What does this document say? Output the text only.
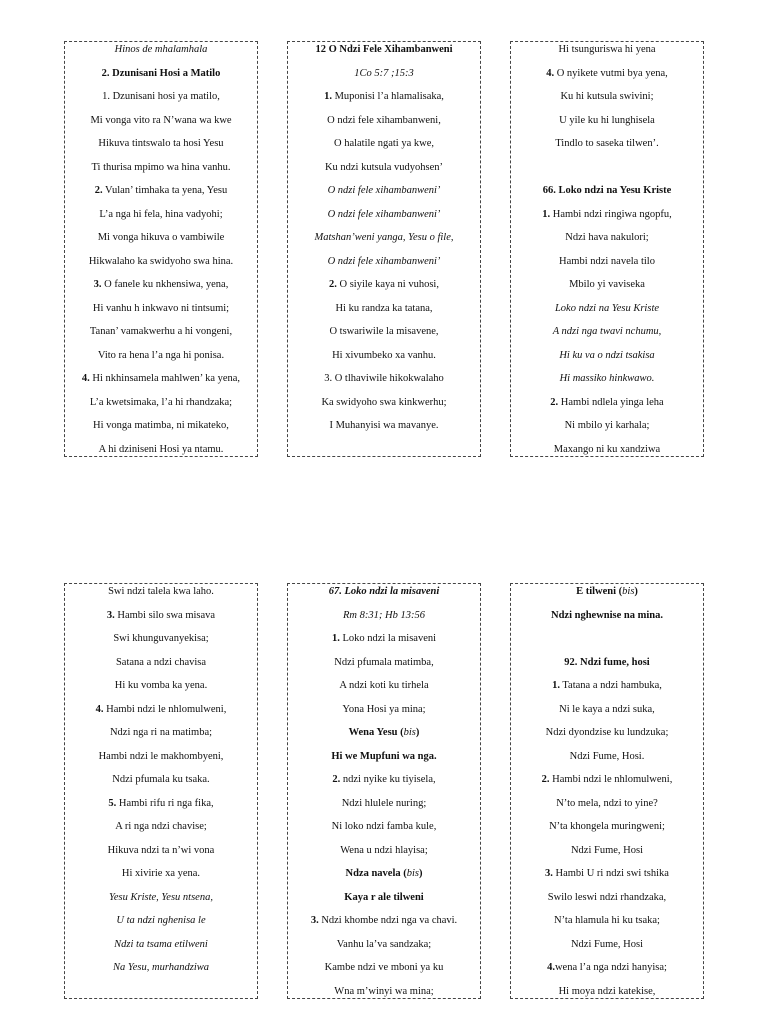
Hinos de mhalamhala
2. Dzunisani Hosi a Matilo
1. Dzunisani hosi ya matilo,
Mi vonga vito ra N’wana wa kwe
Hikuva tintswalo ta hosi Yesu
Ti thurisa mpimo wa hina vanhu.
2. Vulan’ timhaka ta yena, Yesu
L’a nga hi fela, hina vadyohi;
Mi vonga hikuva o vambiwile
Hikwalaho ka swidyoho swa hina.
3. O fanele ku nkhensiwa, yena,
Hi vanhu h inkwavo ni tintsumi;
Tanan’ vamakwerhu a hi vongeni,
Vito ra hena l’a nga hi ponisa.
4. Hi nkhinsamela mahlwen’ ka yena,
L’a kwetsimaka, l’a hi rhandzaka;
Hi vonga matimba, ni mikateko,
A hi dziniseni Hosi ya ntamu.
12 O Ndzi Fele Xihambanweni
1Co 5:7 ;15:3
1. Muponisi l’a hlamalisaka,
O ndzi fele xihambanweni,
O halatile ngati ya kwe,
Ku ndzi kutsula vudyohsen’
O ndzi fele xihambanweni’
O ndzi fele xihambanweni’
Matshan’weni yanga, Yesu o file,
O ndzi fele xihambanweni’
2. O siyile kaya ni vuhosi,
Hi ku randza ka tatana,
O tswariwile la misavene,
Hi xivumbeko xa vanhu.
3. O tlhaviwile hikokwalaho
Ka swidyoho swa kinkwerhu;
I Muhanyisi wa mavanye.
Hi tsunguriswa hi yena
4. O nyikete vutmi bya yena,
Ku hi kutsula swivini;
U yile ku hi lunghisela
Tindlo to saseka tilwen’.
66. Loko ndzi na Yesu Kriste
1. Hambi ndzi ringiwa ngopfu,
Ndzi hava nakulori;
Hambi ndzi navela tilo
Mbilo yi vaviseka
Loko ndzi na Yesu Kriste
A ndzi nga twavi nchumu,
Hi ku va o ndzi tsakisa
Hi massiko hinkwawo.
2. Hambi ndlela yinga leha
Ni mbilo yi karhala;
Maxango ni ku xandziwa
Swi ndzi talela kwa laho.
3. Hambi silo swa misava
Swi khunguvanyekisa;
Satana a ndzi chavisa
Hi ku vomba ka yena.
4. Hambi ndzi le nhlomulweni,
Ndzi nga ri na matimba;
Hambi ndzi le makhombyeni,
Ndzi pfumala ku tsaka.
5. Hambi rifu ri nga fika,
A ri nga ndzi chavise;
Hikuva ndzi ta n’wi vona
Hi xivirie xa yena.
Yesu Kriste, Yesu ntsena,
U ta ndzi nghenisa le
Ndzi ta tsama etilweni
Na Yesu, murhandziwa
67. Loko ndzi la misaveni
Rm 8:31; Hb 13:56
1. Loko ndzi la misaveni
Ndzi pfumala matimba,
A ndzi koti ku tirhela
Yona Hosi ya mina;
Wena Yesu (bis)
Hi we Mupfuni wa nga.
2. ndzi nyike ku tiyisela,
Ndzi hlulele nuring;
Ni loko ndzi famba kule,
Wena u ndzi hlayisa;
Ndza navela (bis)
Kaya r ale tilweni
3. Ndzi khombe ndzi nga va chavi.
Vanhu la’va sandzaka;
Kambe ndzi ve mboni ya ku
Wna m’winyi wa mina;
E tilweni (bis)
Ndzi nghewnise na mina.
92. Ndzi fume, hosi
1. Tatana a ndzi hambuka,
Ni le kaya a ndzi suka,
Ndzi dyondzise ku lundzuka;
Ndzi Fume, Hosi.
2. Hambi ndzi le nhlomulweni,
N’to mela, ndzi to yine?
N’ta khongela muringweni;
Ndzi Fume, Hosi
3. Hambi U ri ndzi swi tshika
Swilo leswi ndzi rhandzaka,
N’ta hlamula hi ku tsaka;
Ndzi Fume, Hosi
4.wena l’a nga ndzi hanyisa;
Hi moya ndzi katekise,
